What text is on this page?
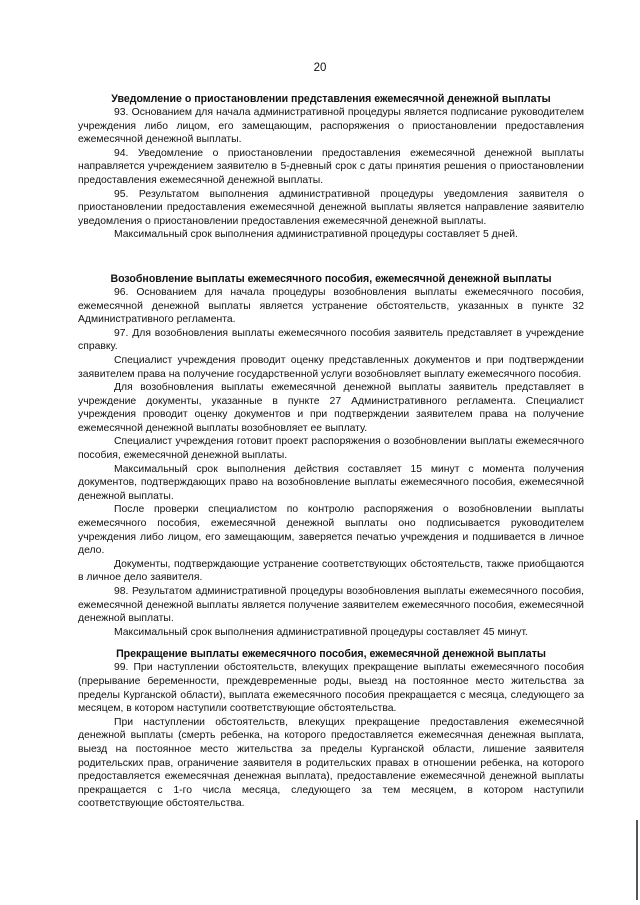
20

Уведомление о приостановлении представления ежемесячной денежной выплаты

93. Основанием для начала административной процедуры является подписание руководителем учреждения либо лицом, его замещающим, распоряжения о приостановлении предоставления ежемесячной денежной выплаты.

94. Уведомление о приостановлении предоставления ежемесячной денежной выплаты направляется учреждением заявителю в 5-дневный срок с даты принятия решения о приостановлении предоставления ежемесячной денежной выплаты.

95. Результатом выполнения административной процедуры уведомления заявителя о приостановлении предоставления ежемесячной денежной выплаты является направление заявителю уведомления о приостановлении предоставления ежемесячной денежной выплаты.

Максимальный срок выполнения административной процедуры составляет 5 дней.

Возобновление выплаты ежемесячного пособия, ежемесячной денежной выплаты

96. Основанием для начала процедуры возобновления выплаты ежемесячного пособия, ежемесячной денежной выплаты является устранение обстоятельств, указанных в пункте 32 Административного регламента.

97. Для возобновления выплаты ежемесячного пособия заявитель представляет в учреждение справку.

Специалист учреждения проводит оценку представленных документов и при подтверждении заявителем права на получение государственной услуги возобновляет выплату ежемесячного пособия.

Для возобновления выплаты ежемесячной денежной выплаты заявитель представляет в учреждение документы, указанные в пункте 27 Административного регламента. Специалист учреждения проводит оценку документов и при подтверждении заявителем права на получение ежемесячной денежной выплаты возобновляет ее выплату.

Специалист учреждения готовит проект распоряжения о возобновлении выплаты ежемесячного пособия, ежемесячной денежной выплаты.

Максимальный срок выполнения действия составляет 15 минут с момента получения документов, подтверждающих право на возобновление выплаты ежемесячного пособия, ежемесячной денежной выплаты.

После проверки специалистом по контролю распоряжения о возобновлении выплаты ежемесячного пособия, ежемесячной денежной выплаты оно подписывается руководителем учреждения либо лицом, его замещающим, заверяется печатью учреждения и подшивается в личное дело.

Документы, подтверждающие устранение соответствующих обстоятельств, также приобщаются в личное дело заявителя.

98. Результатом административной процедуры возобновления выплаты ежемесячного пособия, ежемесячной денежной выплаты является получение заявителем ежемесячного пособия, ежемесячной денежной выплаты.

Максимальный срок выполнения административной процедуры составляет 45 минут.

Прекращение выплаты ежемесячного пособия, ежемесячной денежной выплаты

99. При наступлении обстоятельств, влекущих прекращение выплаты ежемесячного пособия (прерывание беременности, преждевременные роды, выезд на постоянное место жительства за пределы Курганской области), выплата ежемесячного пособия прекращается с месяца, следующего за месяцем, в котором наступили соответствующие обстоятельства.

При наступлении обстоятельств, влекущих прекращение предоставления ежемесячной денежной выплаты (смерть ребенка, на которого предоставляется ежемесячная денежная выплата, выезд на постоянное место жительства за пределы Курганской области, лишение заявителя родительских прав, ограничение заявителя в родительских правах в отношении ребенка, на которого предоставляется ежемесячная денежная выплата), предоставление ежемесячной денежной выплаты прекращается с 1-го числа месяца, следующего за тем месяцем, в котором наступили соответствующие обстоятельства.
